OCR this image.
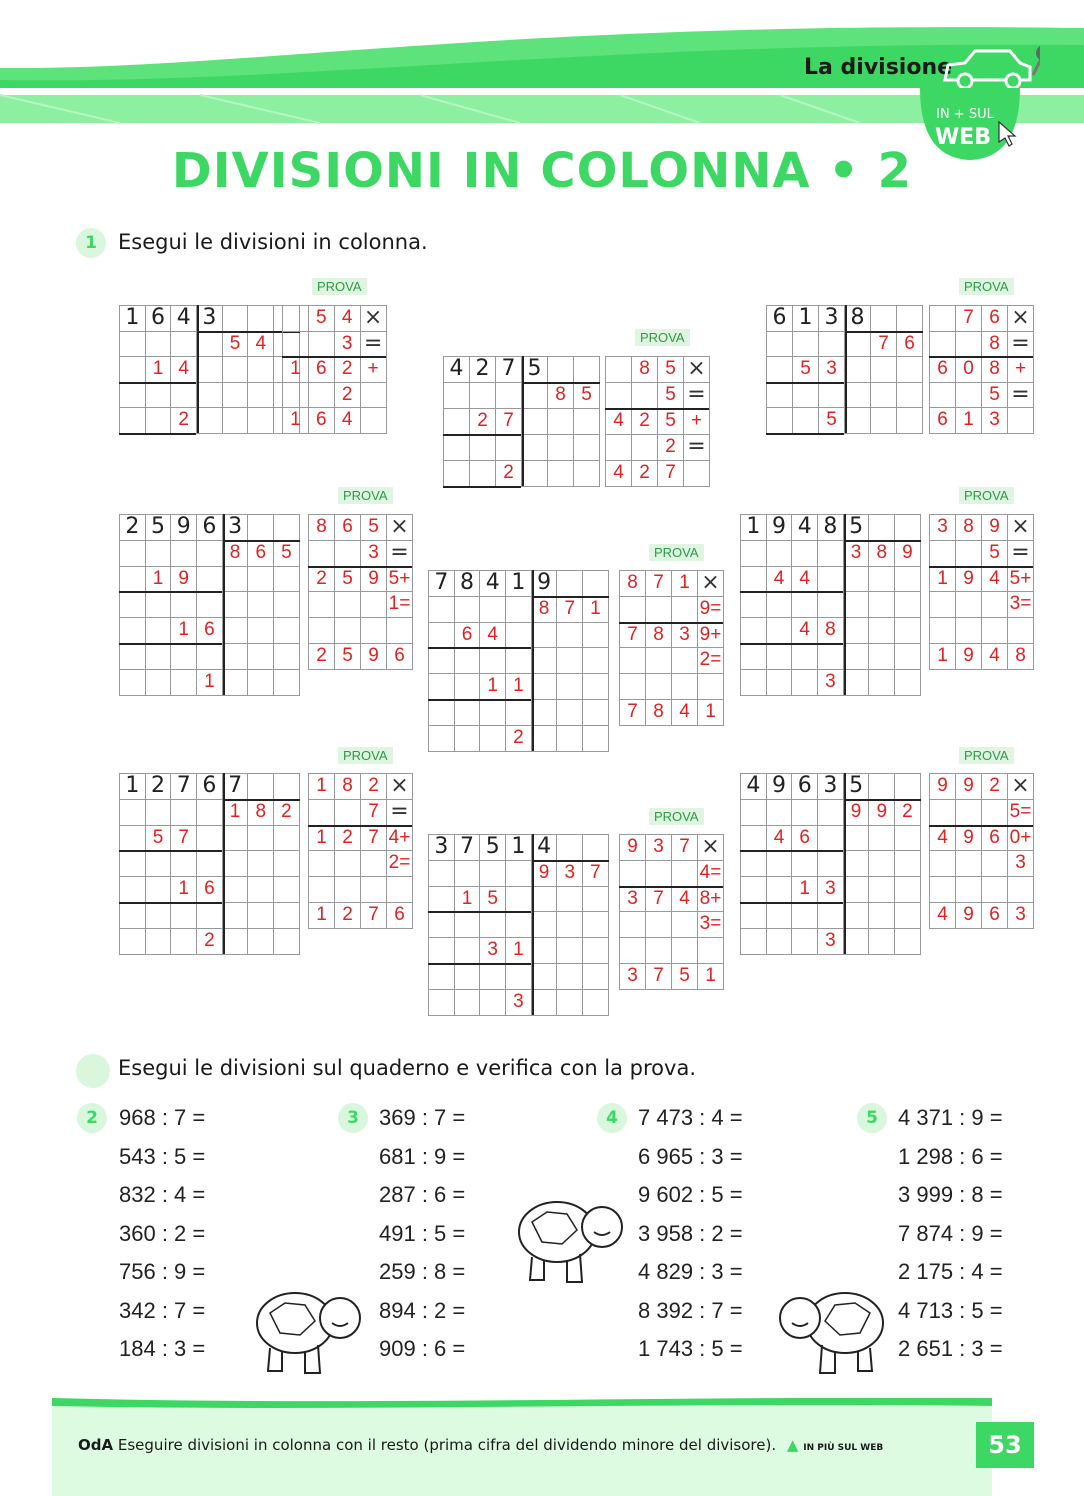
La divisione
IN + SUL
WEB
DIVISIONI IN COLONNA • 2
1	Esegui le divisioni in colonna.
1 6 4 3
5 4
1 4
2
PROVA
5 4 ×
3 =
1 6 2 +
2
1 6 4
4 2 7 5
8 5
2 7
2
PROVA
8 5 ×
5 =
4 2 5 +
2 =
4 2 7
6 1 3 8
7 6
5 3
5
PROVA
7 6 ×
8 =
6 0 8 +
5 =
6 1 3
2 5 9 6 3
8 6 5
1 9
1 6
1
PROVA
8 6 5 ×
3 =
2 5 9 5+
1=
2 5 9 6
7 8 4 1 9
8 7 1
6 4
1 1
2
PROVA
8 7 1 ×
9=
7 8 3 9+
2=
7 8 4 1
1 9 4 8 5
3 8 9
4 4
4 8
3
PROVA
3 8 9 ×
5 =
1 9 4 5+
3=
1 9 4 8
1 2 7 6 7
1 8 2
5 7
1 6
2
PROVA
1 8 2 ×
7 =
1 2 7 4+
2=
1 2 7 6
3 7 5 1 4
9 3 7
1 5
3 1
3
PROVA
9 3 7 ×
4=
3 7 4 8+
3=
3 7 5 1
4 9 6 3 5
9 9 2
4 6
1 3
3
PROVA
9 9 2 ×
5=
4 9 6 0+
3
4 9 6 3
Esegui le divisioni sul quaderno e verifica con la prova.
2 968 : 7 =
543 : 5 =
832 : 4 =
360 : 2 =
756 : 9 =
342 : 7 =
184 : 3 =
3 369 : 7 =
681 : 9 =
287 : 6 =
491 : 5 =
259 : 8 =
894 : 2 =
909 : 6 =
4 7 473 : 4 =
6 965 : 3 =
9 602 : 5 =
3 958 : 2 =
4 829 : 3 =
8 392 : 7 =
1 743 : 5 =
5 4 371 : 9 =
1 298 : 6 =
3 999 : 8 =
7 874 : 9 =
2 175 : 4 =
4 713 : 5 =
2 651 : 3 =
OdA Eseguire divisioni in colonna con il resto (prima cifra del dividendo minore del divisore). ▲ IN PIÙ SUL WEB	53
